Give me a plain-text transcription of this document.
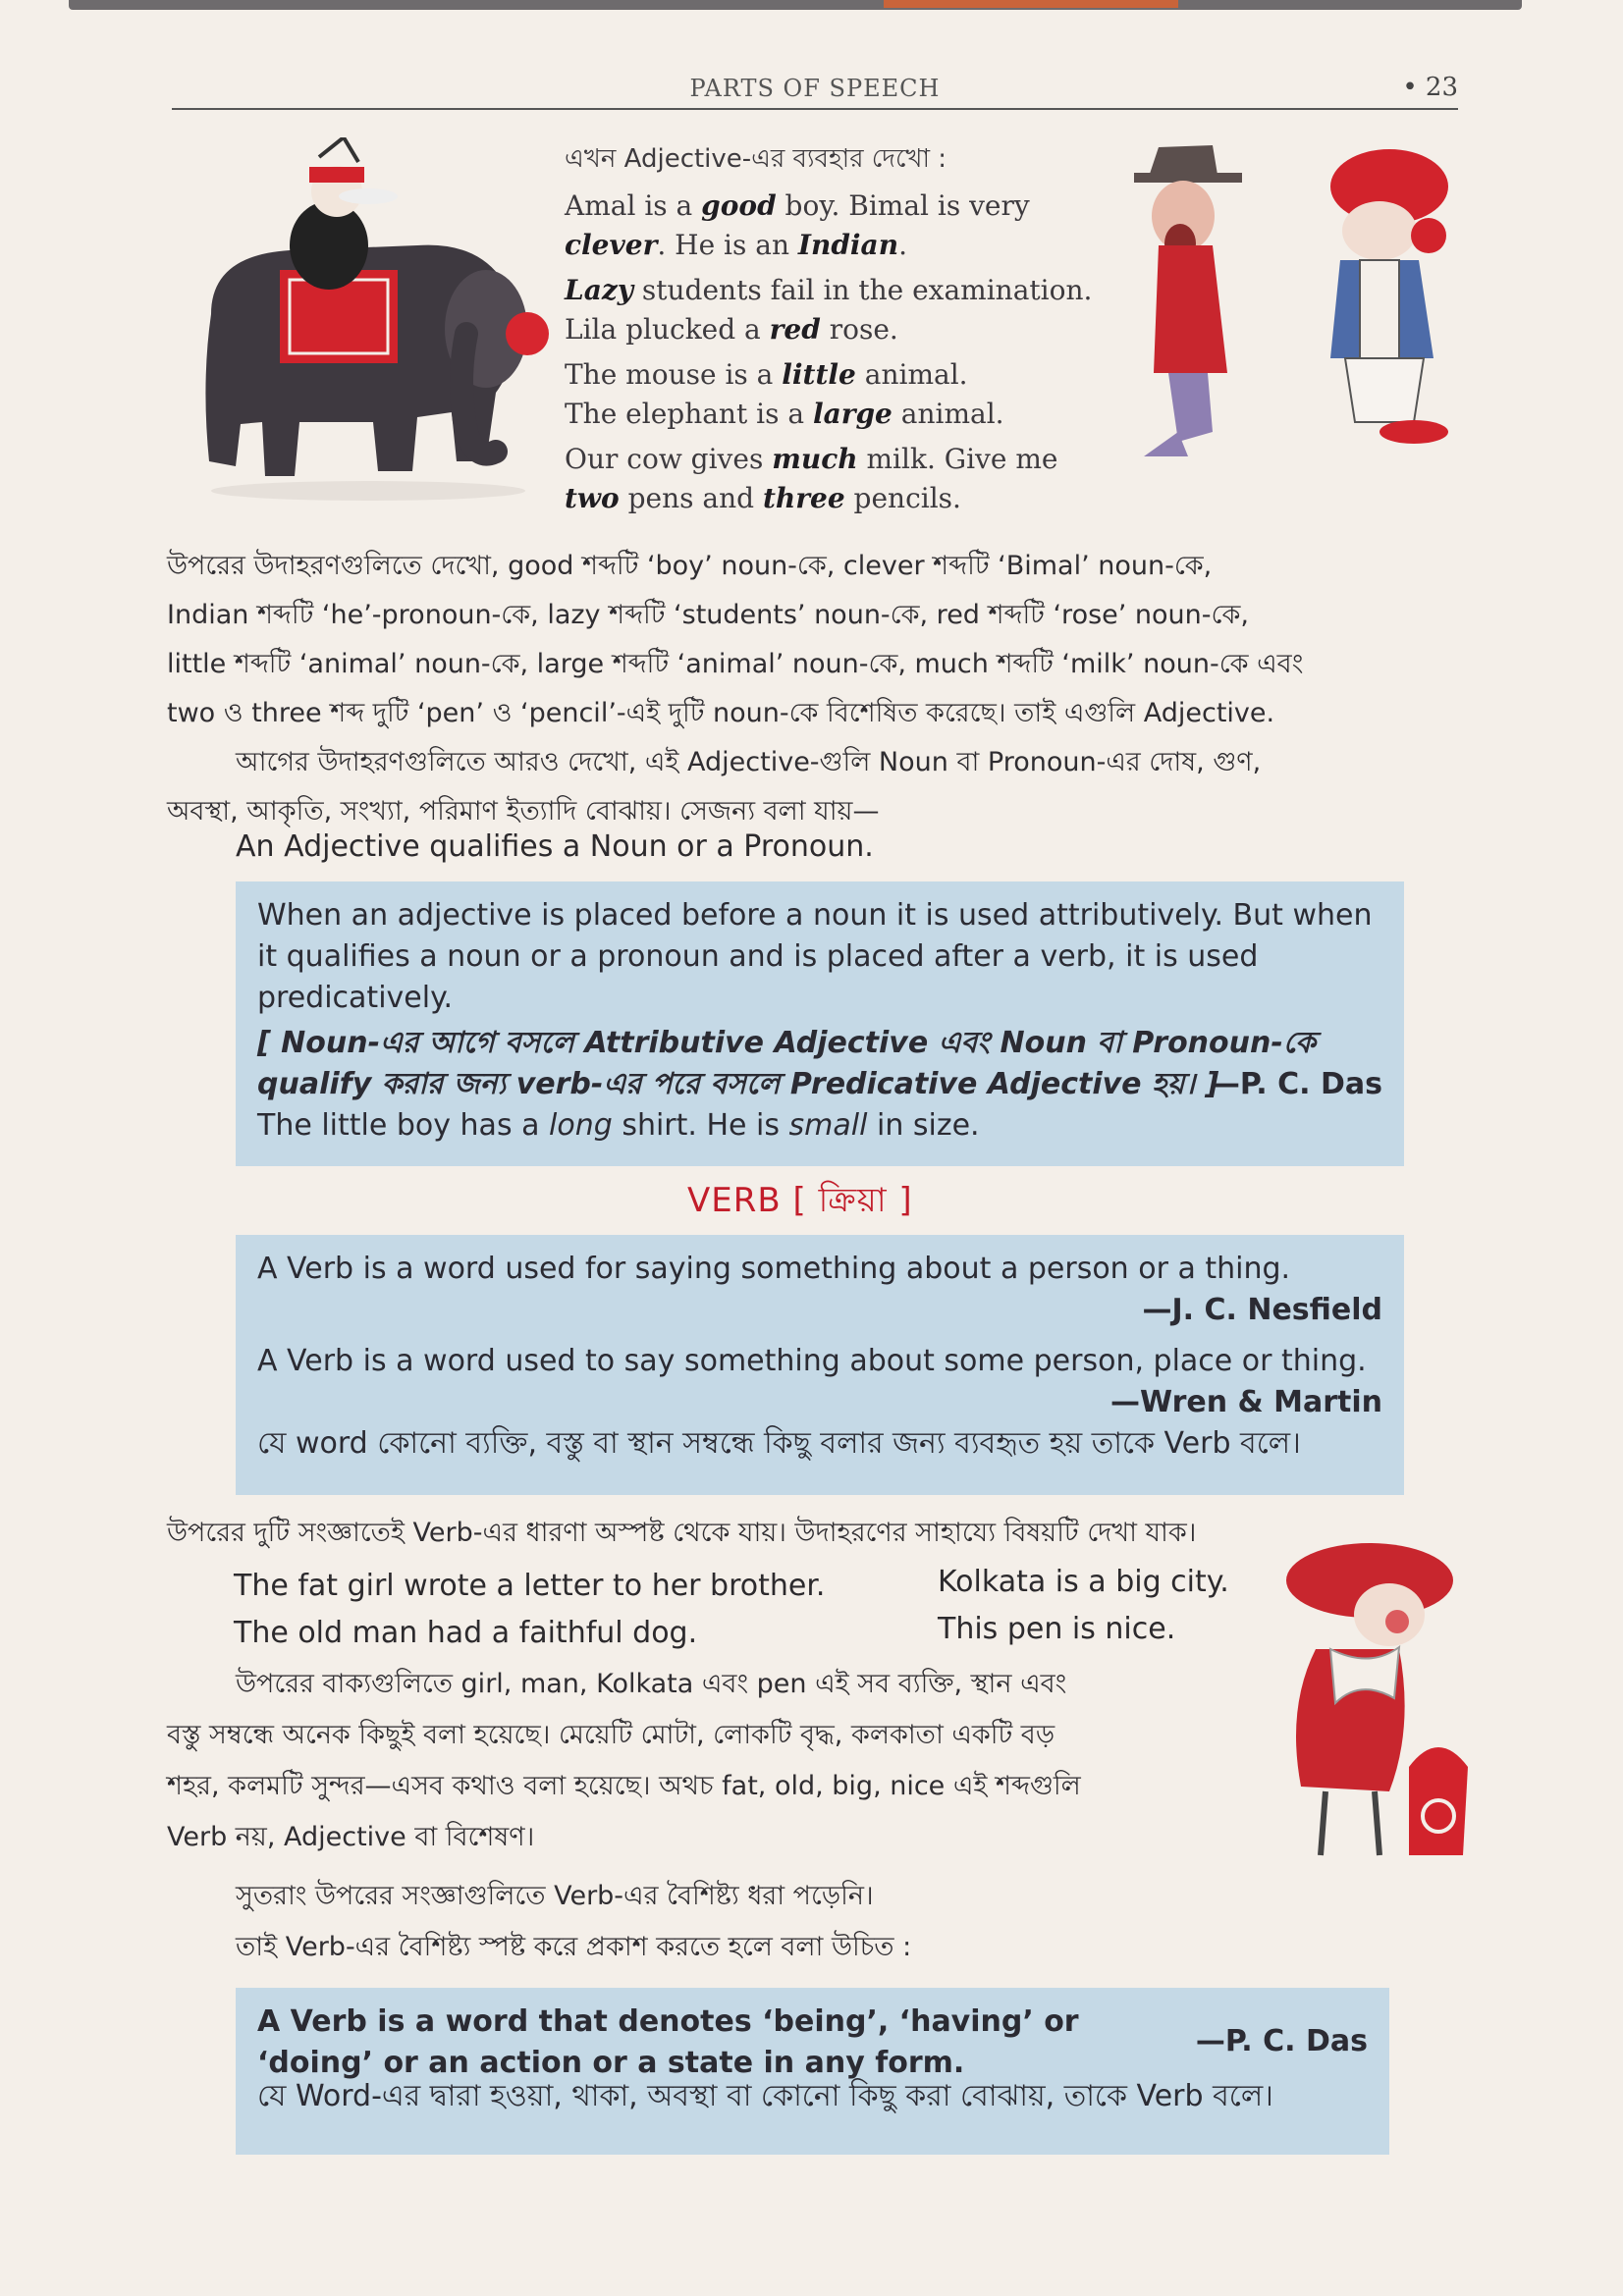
PARTS OF SPEECH	• 23

এখন Adjective-এর ব্যবহার দেখো :

Amal is a good boy. Bimal is very clever. He is an Indian.

Lazy students fail in the examination. Lila plucked a red rose.

The mouse is a little animal.

The elephant is a large animal.

Our cow gives much milk. Give me two pens and three pencils.

উপরের উদাহরণগুলিতে দেখো, good শব্দটি ‘boy’ noun-কে, clever শব্দটি ‘Bimal’ noun-কে,

Indian শব্দটি ‘he’-pronoun-কে, lazy শব্দটি ‘students’ noun-কে, red শব্দটি ‘rose’ noun-কে,

little শব্দটি ‘animal’ noun-কে, large শব্দটি ‘animal’ noun-কে, much শব্দটি ‘milk’ noun-কে এবং

two ও three শব্দ দুটি ‘pen’ ও ‘pencil’-এই দুটি noun-কে বিশেষিত করেছে। তাই এগুলি Adjective.

আগের উদাহরণগুলিতে আরও দেখো, এই Adjective-গুলি Noun বা Pronoun-এর দোষ, গুণ,

অবস্থা, আকৃতি, সংখ্যা, পরিমাণ ইত্যাদি বোঝায়। সেজন্য বলা যায়—

An Adjective qualifies a Noun or a Pronoun.

When an adjective is placed before a noun it is used attributively. But when it qualifies a noun or a pronoun and is placed after a verb, it is used predicatively.

[ Noun-এর আগে বসলে Attributive Adjective এবং Noun বা Pronoun-কে qualify করার জন্য verb-এর পরে বসলে Predicative Adjective হয়। ]

—P. C. Das

The little boy has a long shirt. He is small in size.

VERB [ ক্রিয়া ]

A Verb is a word used for saying something about a person or a thing.

—J. C. Nesfield

A Verb is a word used to say something about some person, place or thing.

—Wren & Martin

যে word কোনো ব্যক্তি, বস্তু বা স্থান সম্বন্ধে কিছু বলার জন্য ব্যবহৃত হয় তাকে Verb বলে।

উপরের দুটি সংজ্ঞাতেই Verb-এর ধারণা অস্পষ্ট থেকে যায়। উদাহরণের সাহায্যে বিষয়টি দেখা যাক।

The fat girl wrote a letter to her brother.
The old man had a faithful dog.
Kolkata is a big city.
This pen is nice.

উপরের বাক্যগুলিতে girl, man, Kolkata এবং pen এই সব ব্যক্তি, স্থান এবং

বস্তু সম্বন্ধে অনেক কিছুই বলা হয়েছে। মেয়েটি মোটা, লোকটি বৃদ্ধ, কলকাতা একটি বড়

শহর, কলমটি সুন্দর—এসব কথাও বলা হয়েছে। অথচ fat, old, big, nice এই শব্দগুলি

Verb নয়, Adjective বা বিশেষণ।

সুতরাং উপরের সংজ্ঞাগুলিতে Verb-এর বৈশিষ্ট্য ধরা পড়েনি।

তাই Verb-এর বৈশিষ্ট্য স্পষ্ট করে প্রকাশ করতে হলে বলা উচিত :

A Verb is a word that denotes ‘being’, ‘having’ or ‘doing’ or an action or a state in any form.

—P. C. Das

যে Word-এর দ্বারা হওয়া, থাকা, অবস্থা বা কোনো কিছু করা বোঝায়, তাকে Verb বলে।
